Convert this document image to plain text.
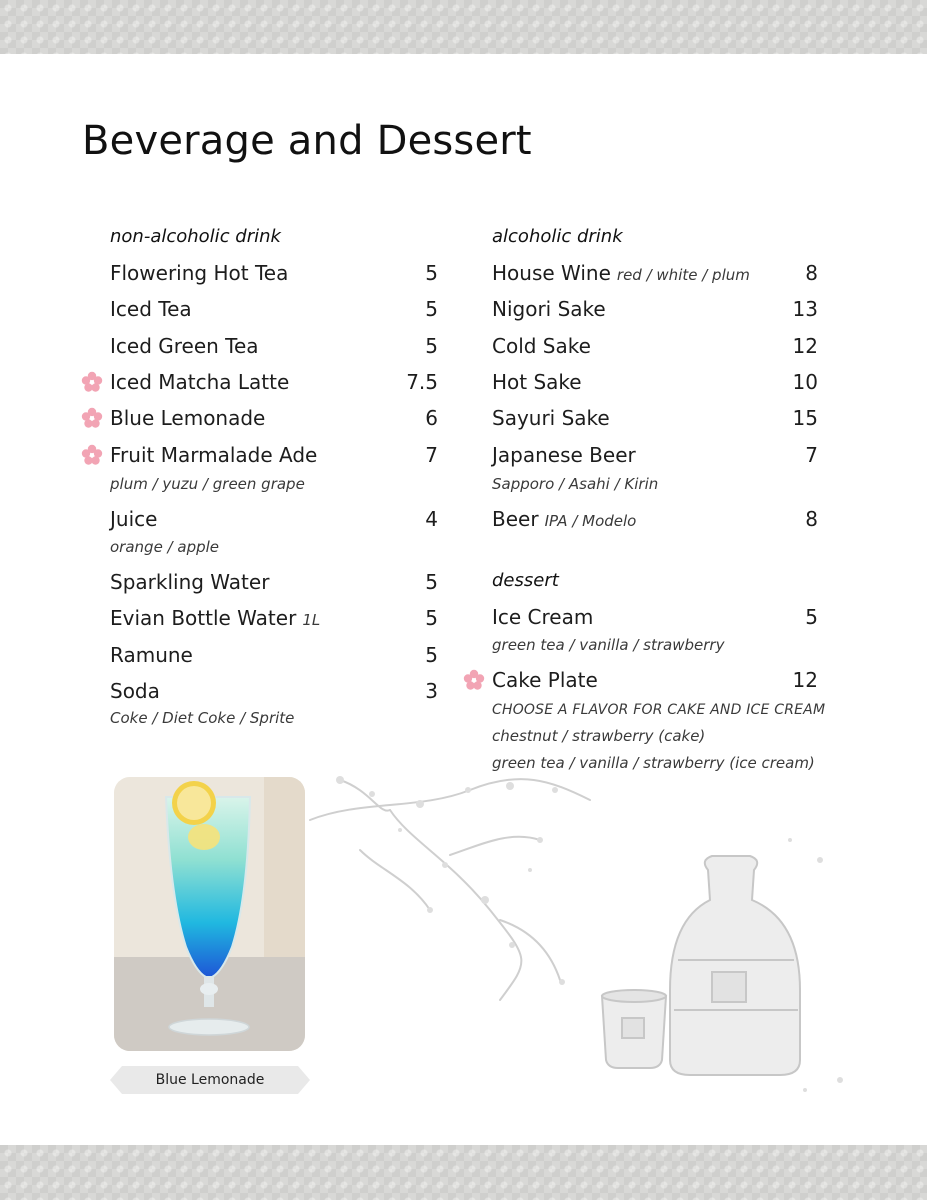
Beverage and Dessert
non-alcoholic drink
Flowering Hot Tea	5
Iced Tea	5
Iced Green Tea	5
Iced Matcha Latte	7.5
Blue Lemonade	6
Fruit Marmalade Ade	7
plum / yuzu / green grape
Juice	4
orange / apple
Sparkling Water	5
Evian Bottle Water 1L	5
Ramune	5
Soda	3
Coke / Diet Coke / Sprite
alcoholic drink
House Wine red / white / plum	8
Nigori Sake	13
Cold Sake	12
Hot Sake	10
Sayuri Sake	15
Japanese Beer	7
Sapporo / Asahi / Kirin
Beer IPA / Modelo	8
dessert
Ice Cream	5
green tea / vanilla / strawberry
Cake Plate	12
CHOOSE A FLAVOR FOR CAKE AND ICE CREAM
chestnut / strawberry (cake)
green tea / vanilla / strawberry (ice cream)
Blue Lemonade
